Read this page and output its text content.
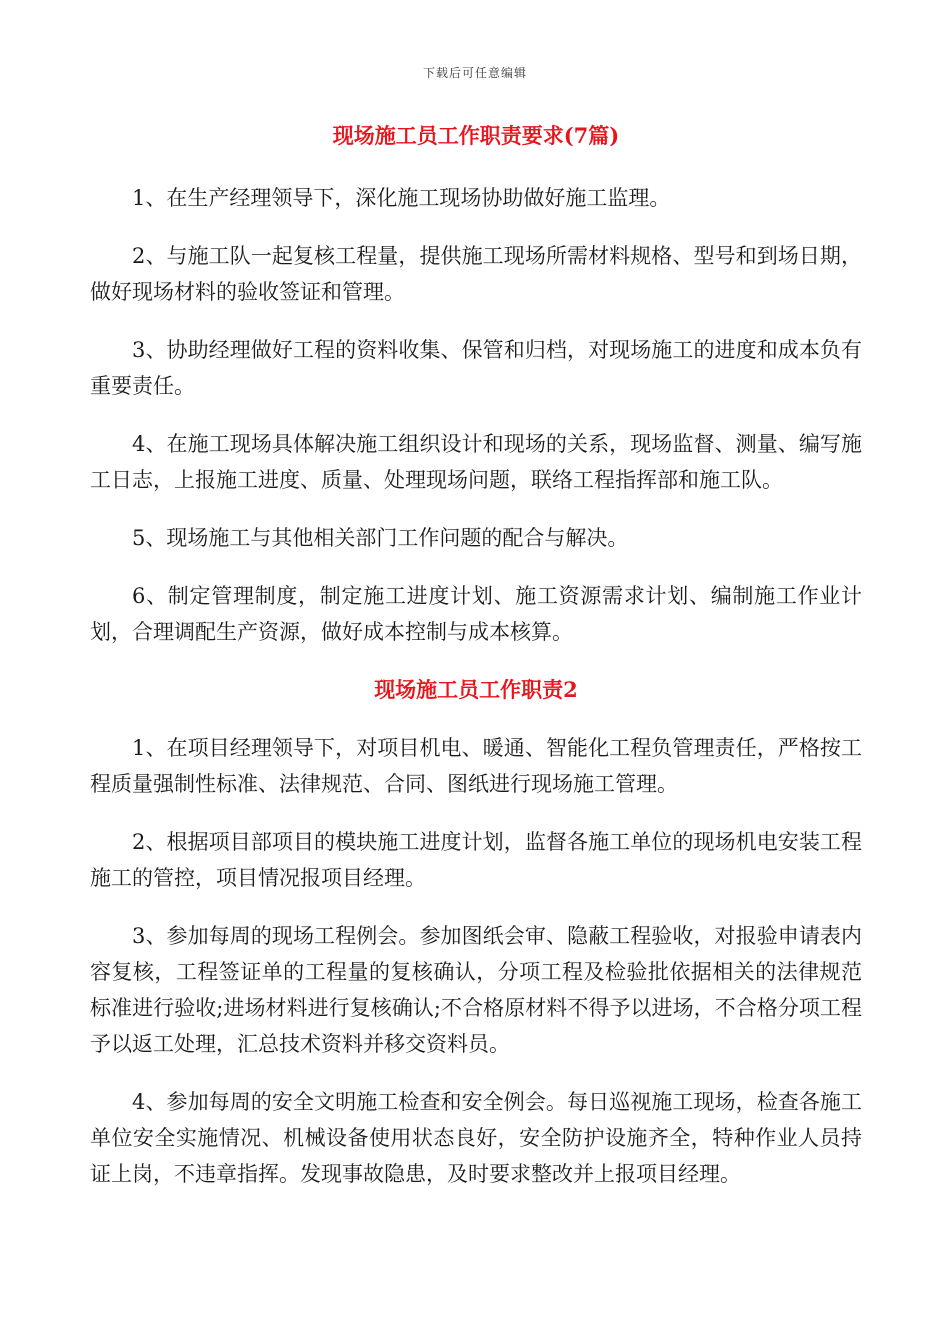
下载后可任意编辑
现场施工员工作职责要求(7篇)

1、在生产经理领导下，深化施工现场协助做好施工监理。

2、与施工队一起复核工程量，提供施工现场所需材料规格、型号和到场日期，做好现场材料的验收签证和管理。

3、协助经理做好工程的资料收集、保管和归档，对现场施工的进度和成本负有重要责任。

4、在施工现场具体解决施工组织设计和现场的关系，现场监督、测量、编写施工日志，上报施工进度、质量、处理现场问题，联络工程指挥部和施工队。

5、现场施工与其他相关部门工作问题的配合与解决。

6、制定管理制度，制定施工进度计划、施工资源需求计划、编制施工作业计划，合理调配生产资源，做好成本控制与成本核算。

现场施工员工作职责2

1、在项目经理领导下，对项目机电、暖通、智能化工程负管理责任，严格按工程质量强制性标准、法律规范、合同、图纸进行现场施工管理。

2、根据项目部项目的模块施工进度计划，监督各施工单位的现场机电安装工程施工的管控，项目情况报项目经理。

3、参加每周的现场工程例会。参加图纸会审、隐蔽工程验收，对报验申请表内容复核，工程签证单的工程量的复核确认，分项工程及检验批依据相关的法律规范标准进行验收;进场材料进行复核确认;不合格原材料不得予以进场，不合格分项工程予以返工处理，汇总技术资料并移交资料员。

4、参加每周的安全文明施工检查和安全例会。每日巡视施工现场，检查各施工单位安全实施情况、机械设备使用状态良好，安全防护设施齐全，特种作业人员持证上岗，不违章指挥。发现事故隐患，及时要求整改并上报项目经理。
